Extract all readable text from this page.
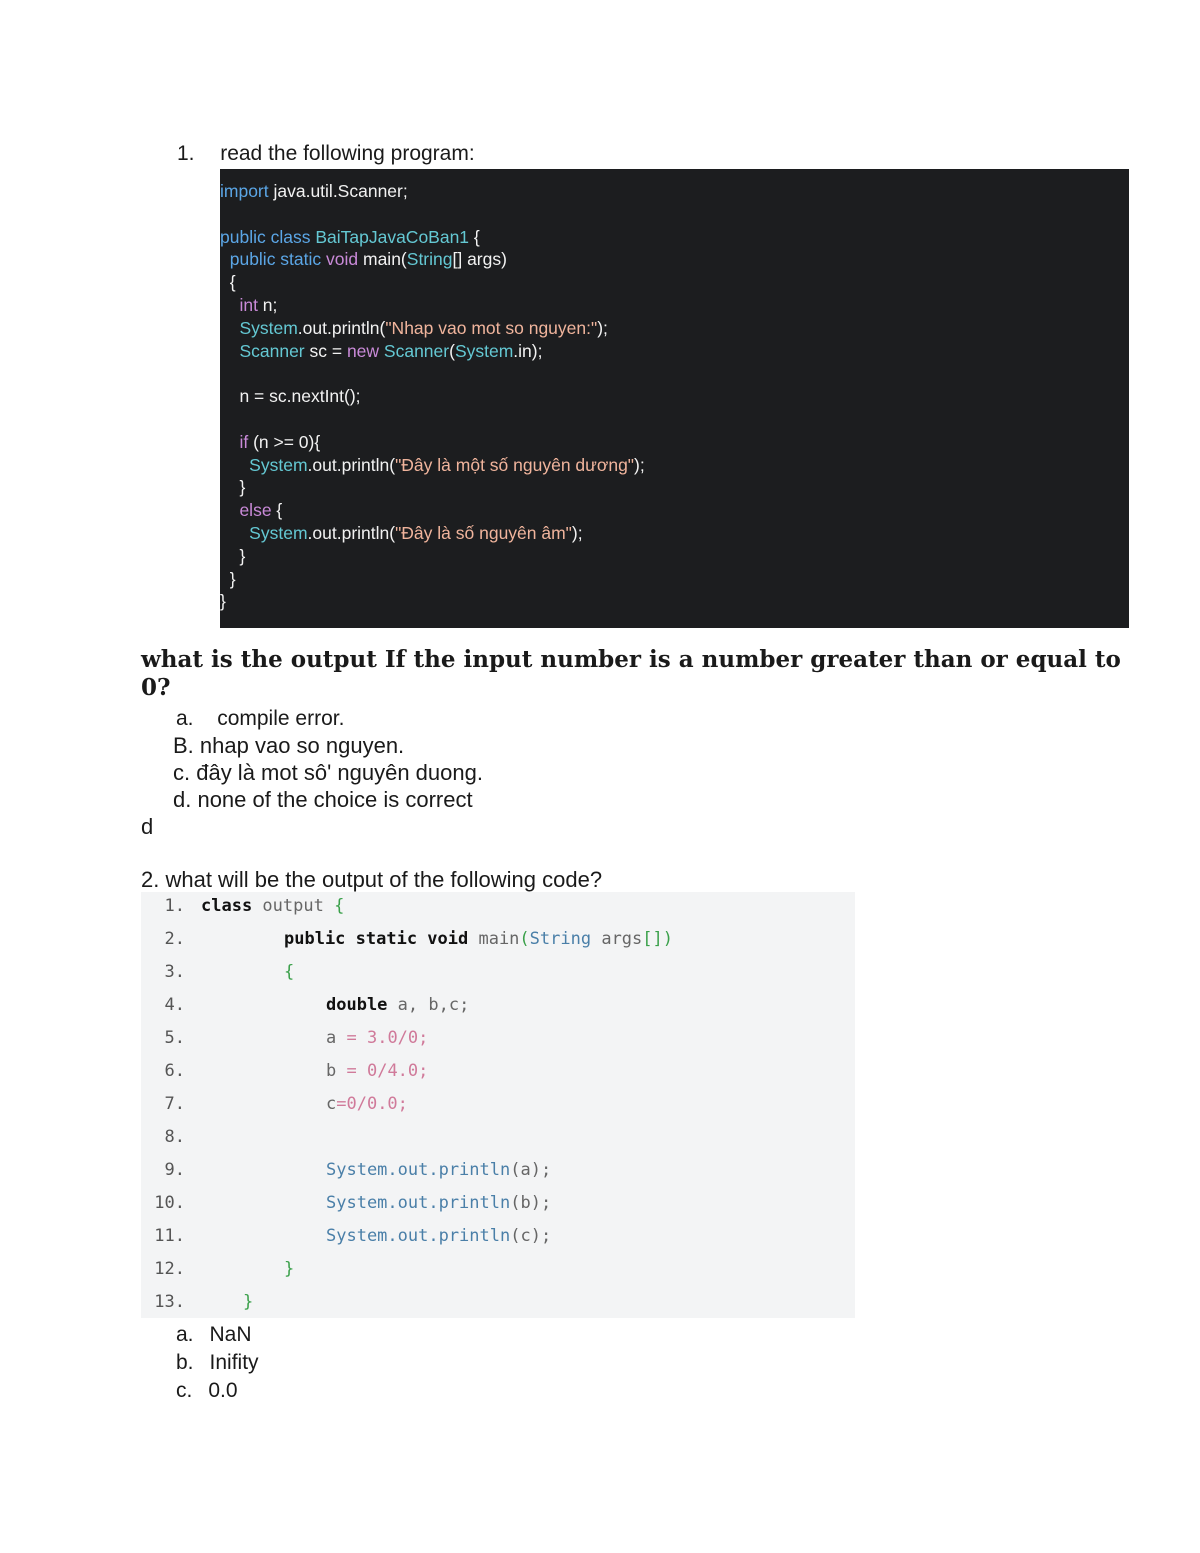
1. read the following program:
import java.util.Scanner;
public class BaiTapJavaCoBan1 {
public static void main(String[] args)
{
int n;
System.out.println("Nhap vao mot so nguyen:");
Scanner sc = new Scanner(System.in);
n = sc.nextInt();
if (n >= 0){
System.out.println("Đây là một số nguyên dương");
}
else {
System.out.println("Đây là số nguyên âm");
}
}
}
what is the output If the input number is a number greater than or equal to
0?
a. compile error.
B. nhap vao so nguyen.
c. đây là mot sô' nguyên duong.
d. none of the choice is correct
d
2. what will be the output of the following code?
1. class output {
2.	public static void main(String args[])
3.	{
4.	double a, b,c;
5.	a = 3.0/0;
6.	b = 0/4.0;
7.	c=0/0.0;
8.
9.	System.out.println(a);
10.	System.out.println(b);
11.	System.out.println(c);
12.	}
13.	}
a. NaN
b. Inifity
c. 0.0
